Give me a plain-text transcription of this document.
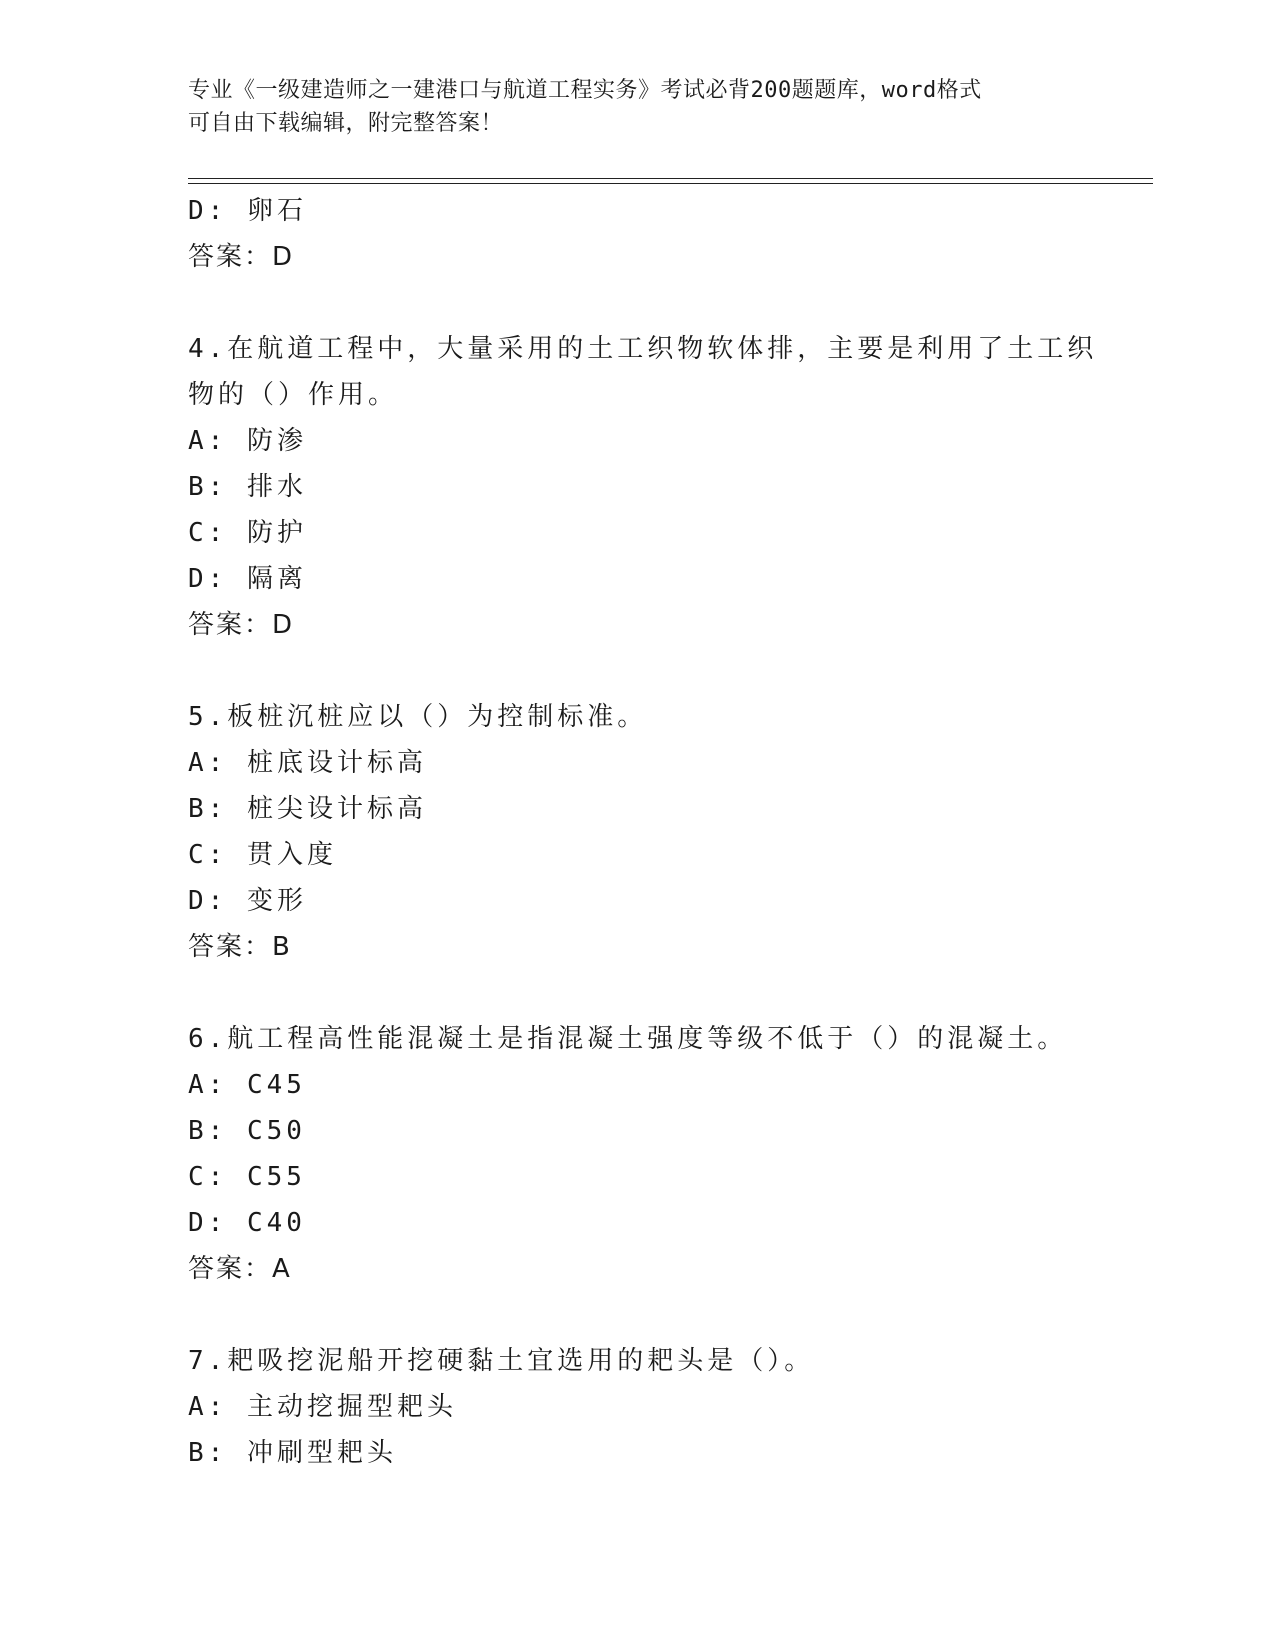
专业《一级建造师之一建港口与航道工程实务》考试必背200题题库，word格式
可自由下载编辑，附完整答案！
D: 卵石
答案：D
4.在航道工程中，大量采用的土工织物软体排，主要是利用了土工织
物的（）作用。
A: 防渗
B: 排水
C: 防护
D: 隔离
答案：D
5.板桩沉桩应以（）为控制标准。
A: 桩底设计标高
B: 桩尖设计标高
C: 贯入度
D: 变形
答案：B
6.航工程高性能混凝土是指混凝土强度等级不低于（）的混凝土。
A: C45
B: C50
C: C55
D: C40
答案：A
7.耙吸挖泥船开挖硬黏土宜选用的耙头是（）。
A: 主动挖掘型耙头
B: 冲刷型耙头
